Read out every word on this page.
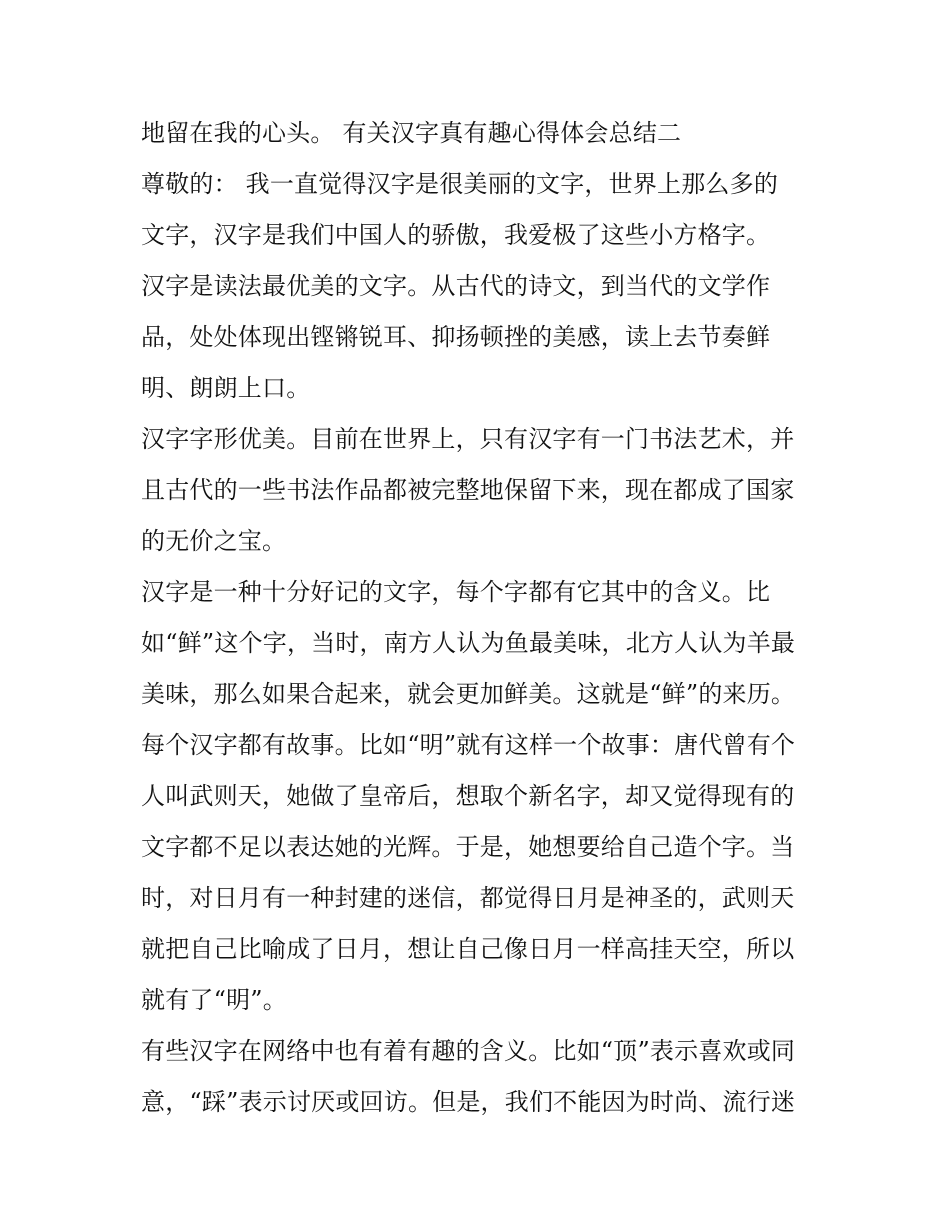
地留在我的心头。 有关汉字真有趣心得体会总结二
尊敬的： 我一直觉得汉字是很美丽的文字，世界上那么多的
文字，汉字是我们中国人的骄傲，我爱极了这些小方格字。
汉字是读法最优美的文字。从古代的诗文，到当代的文学作
品，处处体现出铿锵锐耳、抑扬顿挫的美感，读上去节奏鲜
明、朗朗上口。
汉字字形优美。目前在世界上，只有汉字有一门书法艺术，并
且古代的一些书法作品都被完整地保留下来，现在都成了国家
的无价之宝。
汉字是一种十分好记的文字，每个字都有它其中的含义。比
如“鲜”这个字，当时，南方人认为鱼最美味，北方人认为羊最
美味，那么如果合起来，就会更加鲜美。这就是“鲜”的来历。
每个汉字都有故事。比如“明”就有这样一个故事：唐代曾有个
人叫武则天，她做了皇帝后，想取个新名字，却又觉得现有的
文字都不足以表达她的光辉。于是，她想要给自己造个字。当
时，对日月有一种封建的迷信，都觉得日月是神圣的，武则天
就把自己比喻成了日月，想让自己像日月一样高挂天空，所以
就有了“明”。
有些汉字在网络中也有着有趣的含义。比如“顶”表示喜欢或同
意，“踩”表示讨厌或回访。但是，我们不能因为时尚、流行迷
